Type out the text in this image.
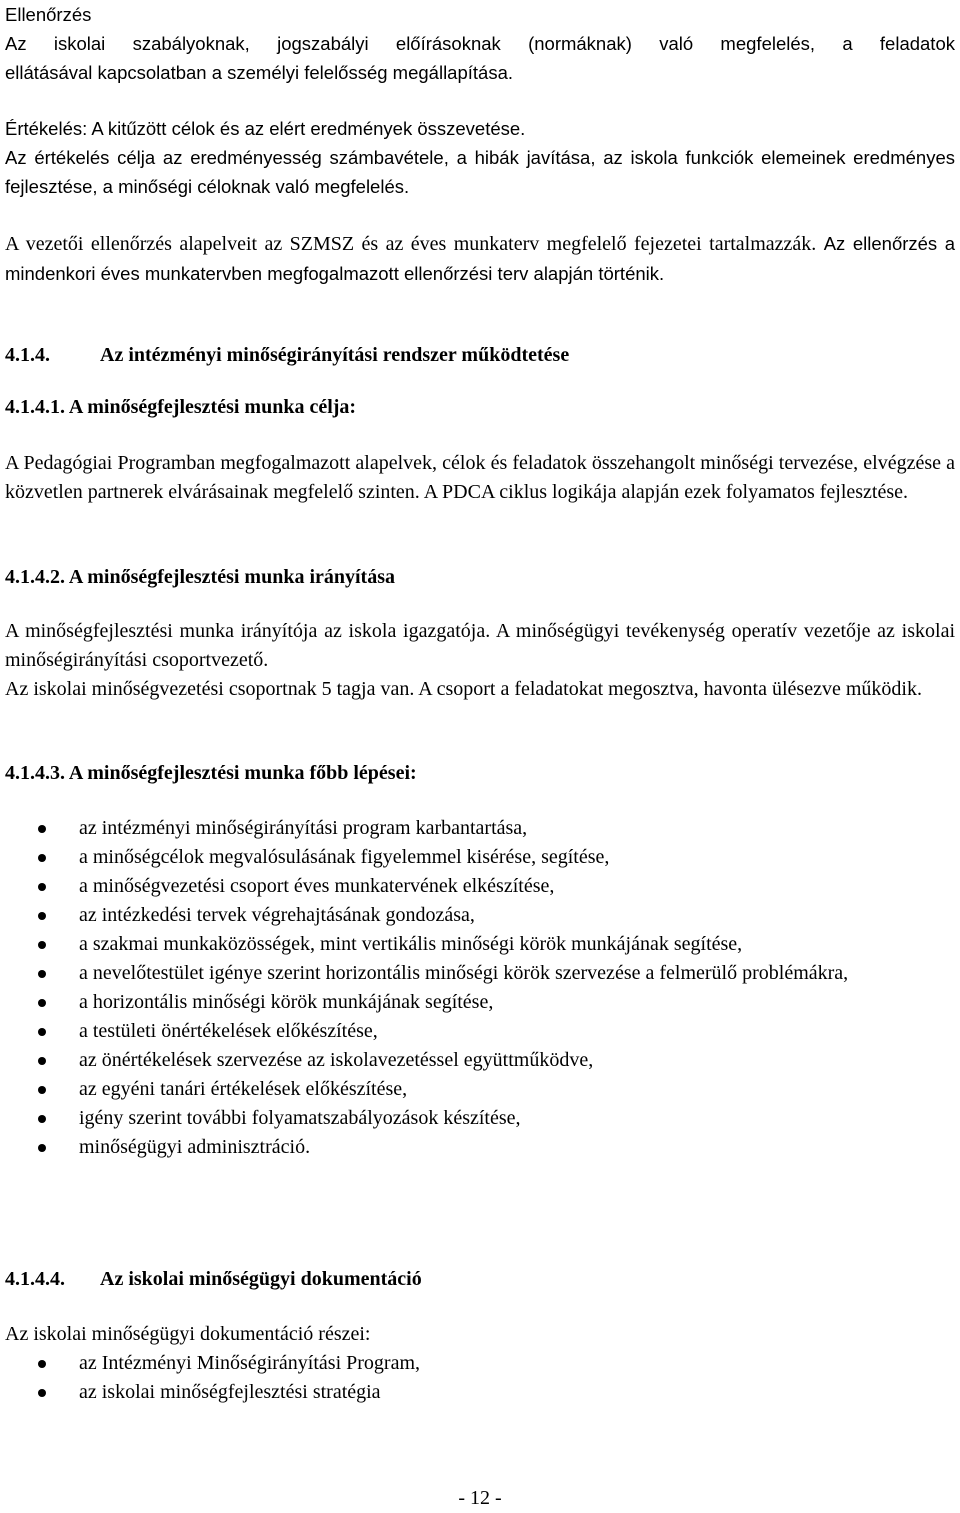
Ellenőrzés

Az iskolai szabályoknak, jogszabályi előírásoknak (normáknak) való megfelelés, a feladatok

ellátásával kapcsolatban a személyi felelősség megállapítása.

Értékelés: A kitűzött célok és az elért eredmények összevetése.

Az értékelés célja az eredményesség számbavétele, a hibák javítása, az iskola funkciók elemeinek eredményes fejlesztése, a minőségi céloknak való megfelelés.

A vezetői ellenőrzés alapelveit az SZMSZ és az éves munkaterv megfelelő fejezetei tartalmazzák. Az ellenőrzés a mindenkori éves munkatervben megfogalmazott ellenőrzési terv alapján történik.

4.1.4.	Az intézményi minőségirányítási rendszer működtetése
4.1.4.1. A minőségfejlesztési munka célja:

A Pedagógiai Programban megfogalmazott alapelvek, célok és feladatok összehangolt minőségi tervezése, elvégzése a közvetlen partnerek elvárásainak megfelelő szinten. A PDCA ciklus logikája alapján ezek folyamatos fejlesztése.

4.1.4.2. A minőségfejlesztési munka irányítása

A minőségfejlesztési munka irányítója az iskola igazgatója. A minőségügyi tevékenység operatív vezetője az iskolai minőségirányítási csoportvezető.

Az iskolai minőségvezetési csoportnak 5 tagja van. A csoport a feladatokat megosztva, havonta ülésezve működik.

4.1.4.3. A minőségfejlesztési munka főbb lépései:
az intézményi minőségirányítási program karbantartása,
a minőségcélok megvalósulásának figyelemmel kisérése, segítése,
a minőségvezetési csoport éves munkatervének elkészítése,
az intézkedési tervek végrehajtásának gondozása,
a szakmai munkaközösségek, mint vertikális minőségi körök munkájának segítése,
a nevelőtestület igénye szerint horizontális minőségi körök szervezése a felmerülő problémákra,
a horizontális minőségi körök munkájának segítése,
a testületi önértékelések előkészítése,
az önértékelések szervezése az iskolavezetéssel együttműködve,
az egyéni tanári értékelések előkészítése,
igény szerint további folyamatszabályozások készítése,
minőségügyi adminisztráció.
4.1.4.4. Az iskolai minőségügyi dokumentáció

Az iskolai minőségügyi dokumentáció részei:

az Intézményi Minőségirányítási Program,
az iskolai minőségfejlesztési stratégia
- 12 -
